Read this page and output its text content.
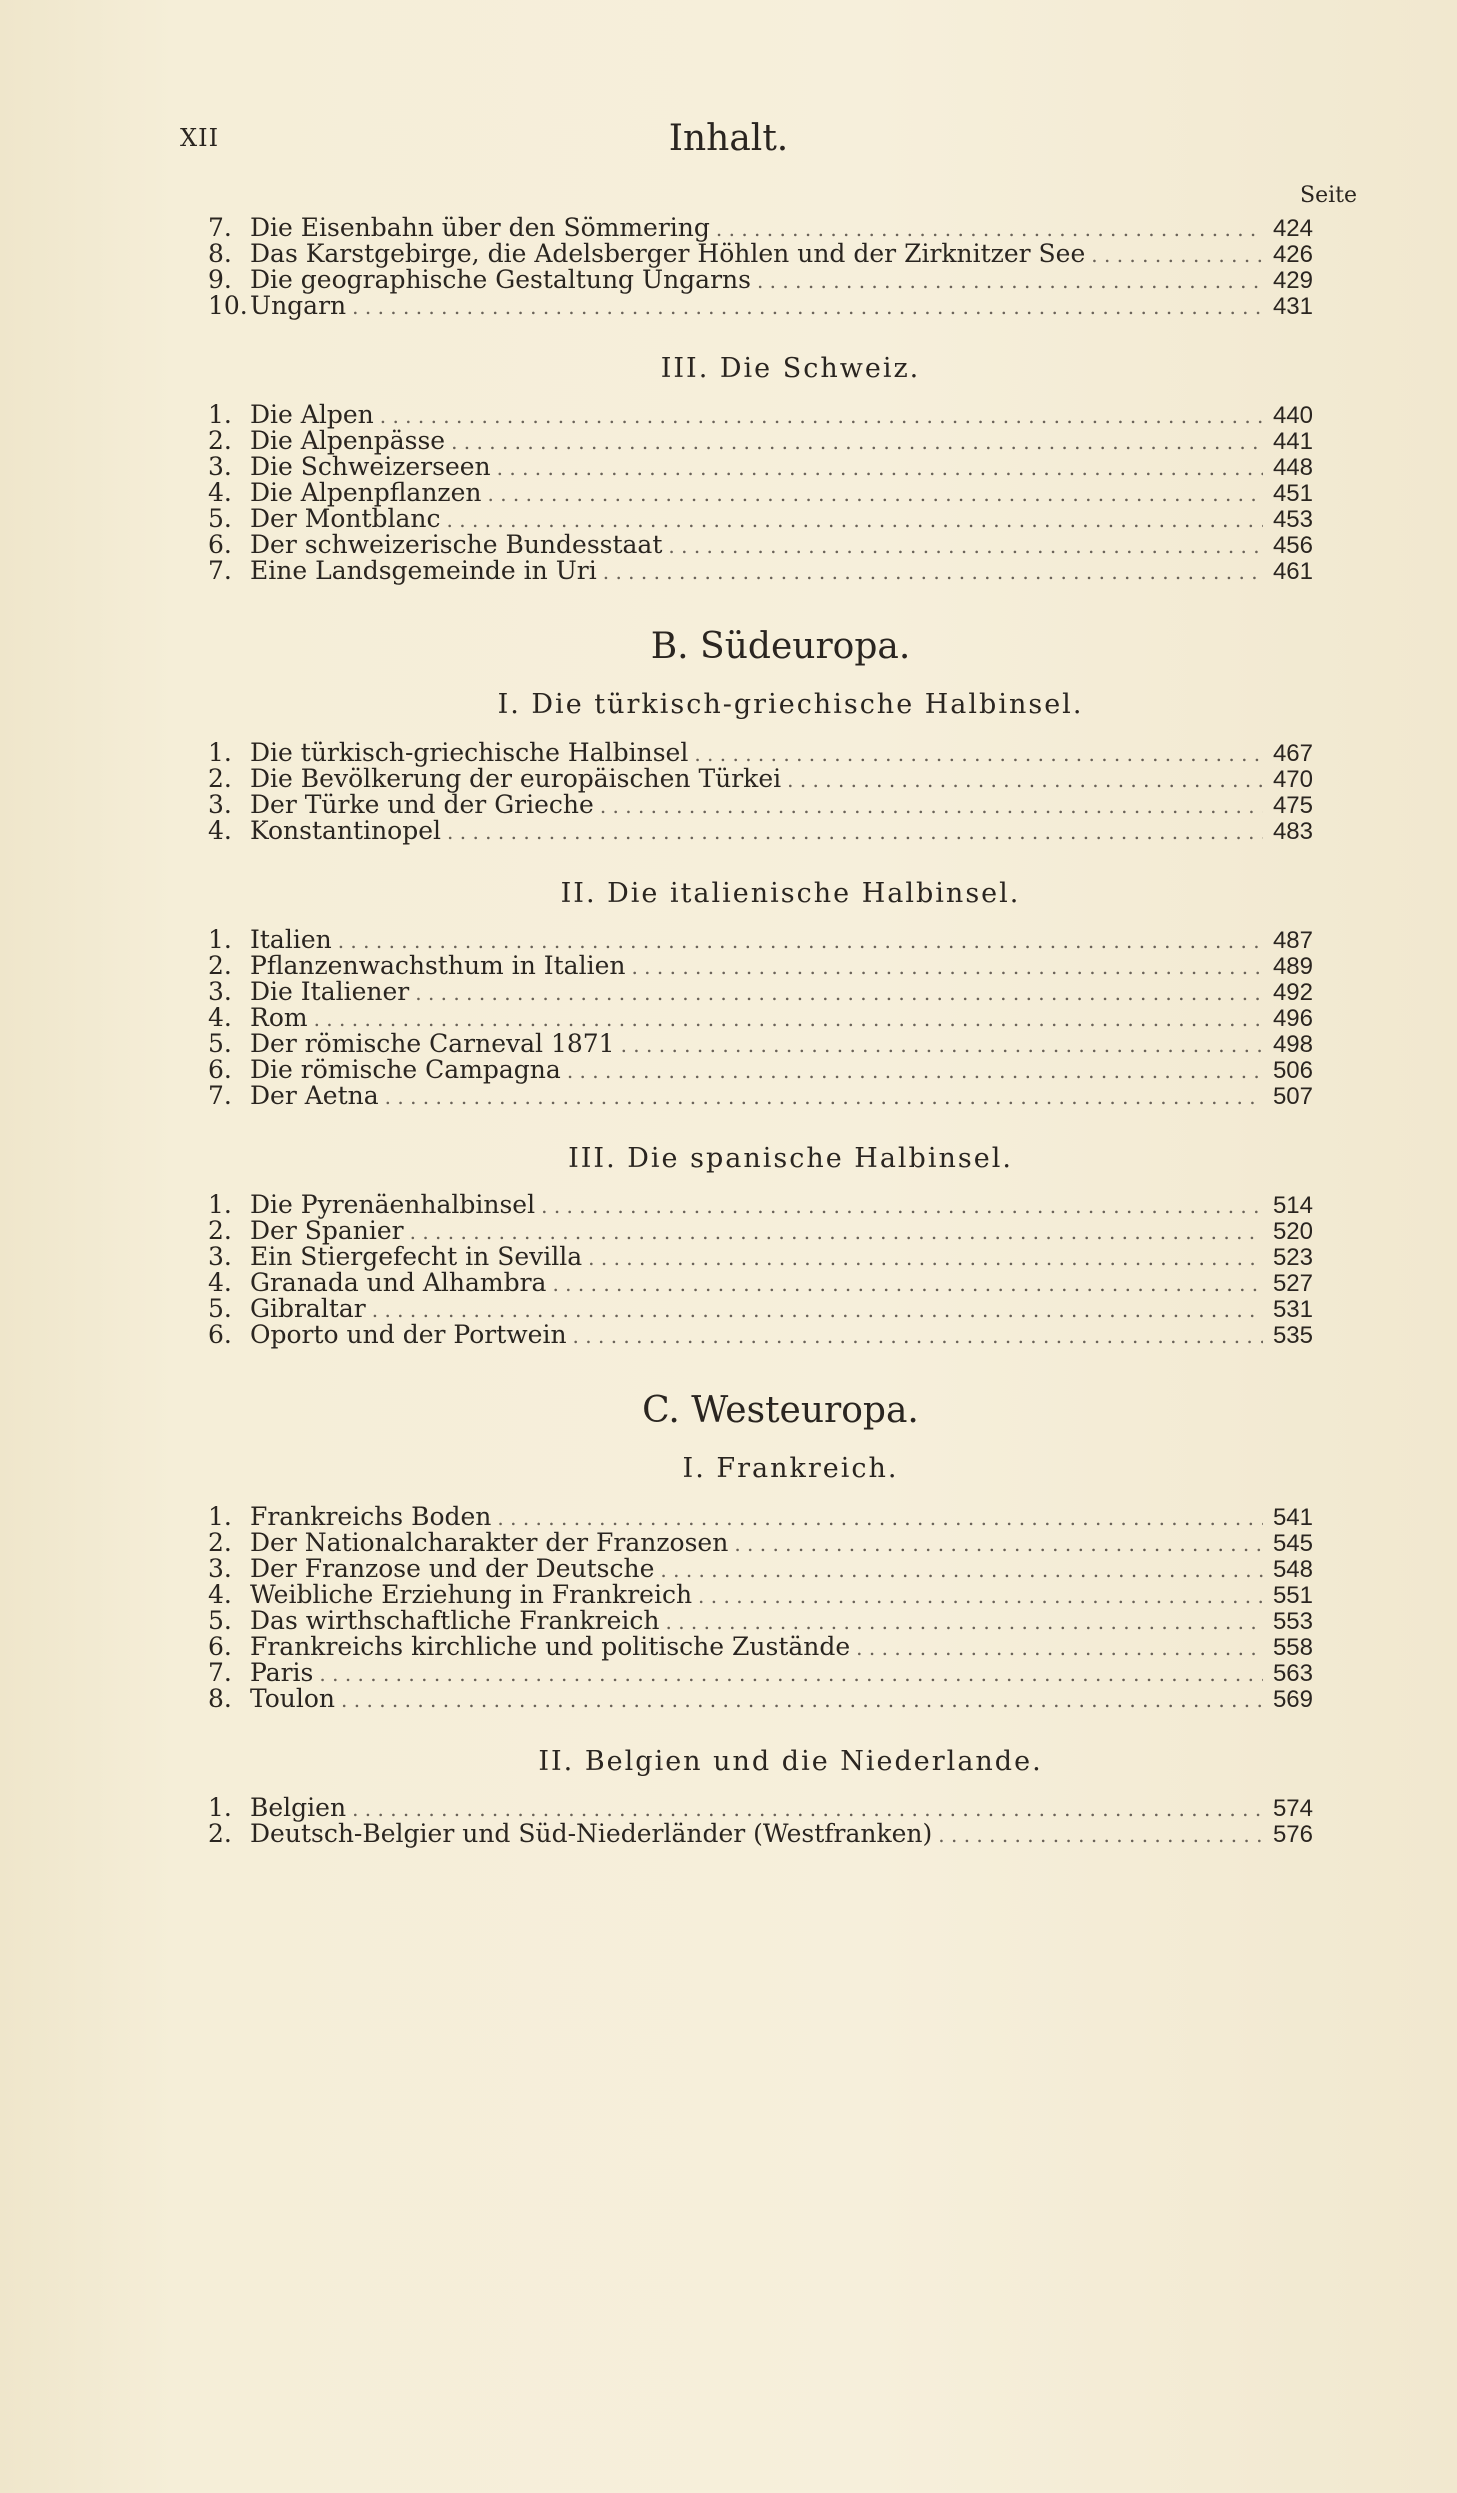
XII	Inhalt.
Seite
7. Die Eisenbahn über den Sömmering . . .	424
8. Das Karstgebirge, die Adelsberger Höhlen und der Zirknitzer See . . .	426
9. Die geographische Gestaltung Ungarns . . .	429
10. Ungarn . . .	431
III. Die Schweiz.
1. Die Alpen . . .	440
2. Die Alpenpässe . . .	441
3. Die Schweizerseen . . .	448
4. Die Alpenpflanzen . . .	451
5. Der Montblanc . . .	453
6. Der schweizerische Bundesstaat . . .	456
7. Eine Landsgemeinde in Uri . . .	461
B. Südeuropa.
I. Die türkisch-griechische Halbinsel.
1. Die türkisch-griechische Halbinsel . . .	467
2. Die Bevölkerung der europäischen Türkei . . .	470
3. Der Türke und der Grieche . . .	475
4. Konstantinopel . . .	483
II. Die italienische Halbinsel.
1. Italien . . .	487
2. Pflanzenwachsthum in Italien . . .	489
3. Die Italiener . . .	492
4. Rom . . .	496
5. Der römische Carneval 1871 . . .	498
6. Die römische Campagna . . .	506
7. Der Aetna . . .	507
III. Die spanische Halbinsel.
1. Die Pyrenäenhalbinsel . . .	514
2. Der Spanier . . .	520
3. Ein Stiergefecht in Sevilla . . .	523
4. Granada und Alhambra . . .	527
5. Gibraltar . . .	531
6. Oporto und der Portwein . . .	535
C. Westeuropa.
I. Frankreich.
1. Frankreichs Boden . . .	541
2. Der Nationalcharakter der Franzosen . . .	545
3. Der Franzose und der Deutsche . . .	548
4. Weibliche Erziehung in Frankreich . . .	551
5. Das wirthschaftliche Frankreich . . .	553
6. Frankreichs kirchliche und politische Zustände . . .	558
7. Paris . . .	563
8. Toulon . . .	569
II. Belgien und die Niederlande.
1. Belgien . . .	574
2. Deutsch-Belgier und Süd-Niederländer (Westfranken) . . .	576
